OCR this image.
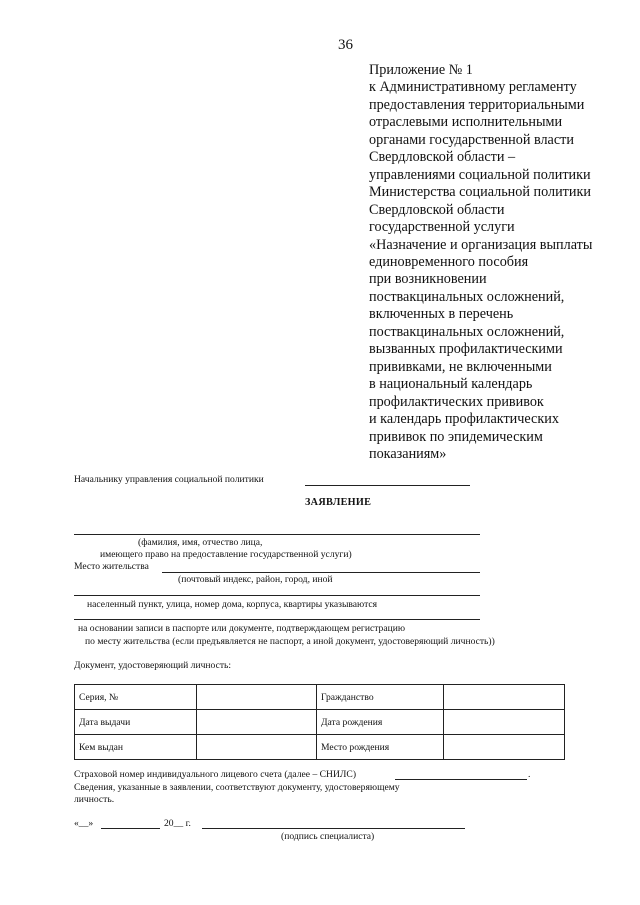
36
Приложение № 1
к Административному регламенту
предоставления территориальными
отраслевыми исполнительными
органами государственной власти
Свердловской области –
управлениями социальной политики
Министерства социальной политики
Свердловской области
государственной услуги
«Назначение и организация выплаты
единовременного пособия
при возникновении
поствакцинальных осложнений,
включенных в перечень
поствакцинальных осложнений,
вызванных профилактическими
прививками, не включенными
в национальный календарь
профилактических прививок
и календарь профилактических
прививок по эпидемическим
показаниям»
Начальнику управления социальной политики
ЗАЯВЛЕНИЕ
(фамилия, имя, отчество лица,
имеющего право на предоставление государственной услуги)
Место жительства
(почтовый индекс, район, город, иной
населенный пункт, улица, номер дома, корпуса, квартиры указываются
на основании записи в паспорте или документе, подтверждающем регистрацию
по месту жительства (если предъявляется не паспорт, а иной документ, удостоверяющий личность))
Документ, удостоверяющий личность:
Серия, №		Гражданство	
Дата выдачи		Дата рождения	
Кем выдан		Место рождения	
Страховой номер индивидуального лицевого счета (далее – СНИЛС)	.
Сведения, указанные в заявлении, соответствуют документу, удостоверяющему
личность.
«__»	20__ г.
(подпись специалиста)
